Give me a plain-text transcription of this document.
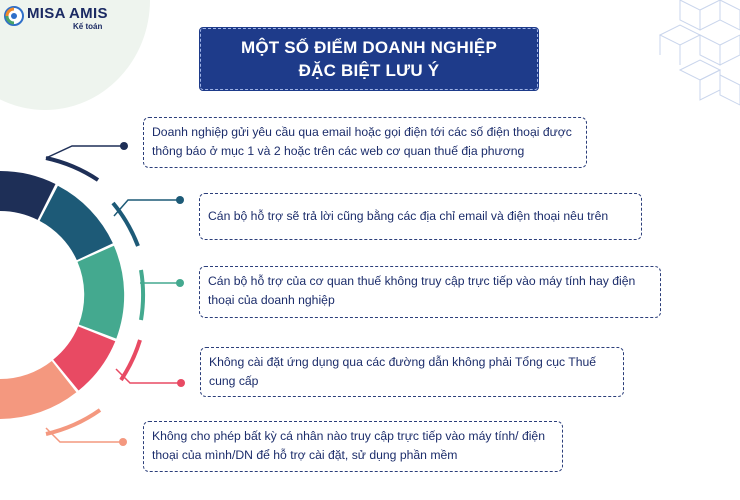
MISA AMIS
Kế toán
MỘT SỐ ĐIỂM DOANH NGHIỆP
ĐẶC BIỆT LƯU Ý
Doanh nghiệp gửi yêu cầu qua email hoặc gọi điện tới các số điện thoại được thông báo ở mục 1 và 2 hoặc trên các web cơ quan thuế địa phương
Cán bộ hỗ trợ sẽ trả lời cũng bằng các địa chỉ email và điện thoại nêu trên
Cán bộ hỗ trợ của cơ quan thuế không truy cập trực tiếp vào máy tính hay điện thoại của doanh nghiệp
Không cài đặt ứng dụng qua các đường dẫn không phải Tổng cục Thuế cung cấp
Không cho phép bất kỳ cá nhân nào truy cập trực tiếp vào máy tính/ điện thoại của mình/DN để hỗ trợ cài đặt, sử dụng phần mềm
